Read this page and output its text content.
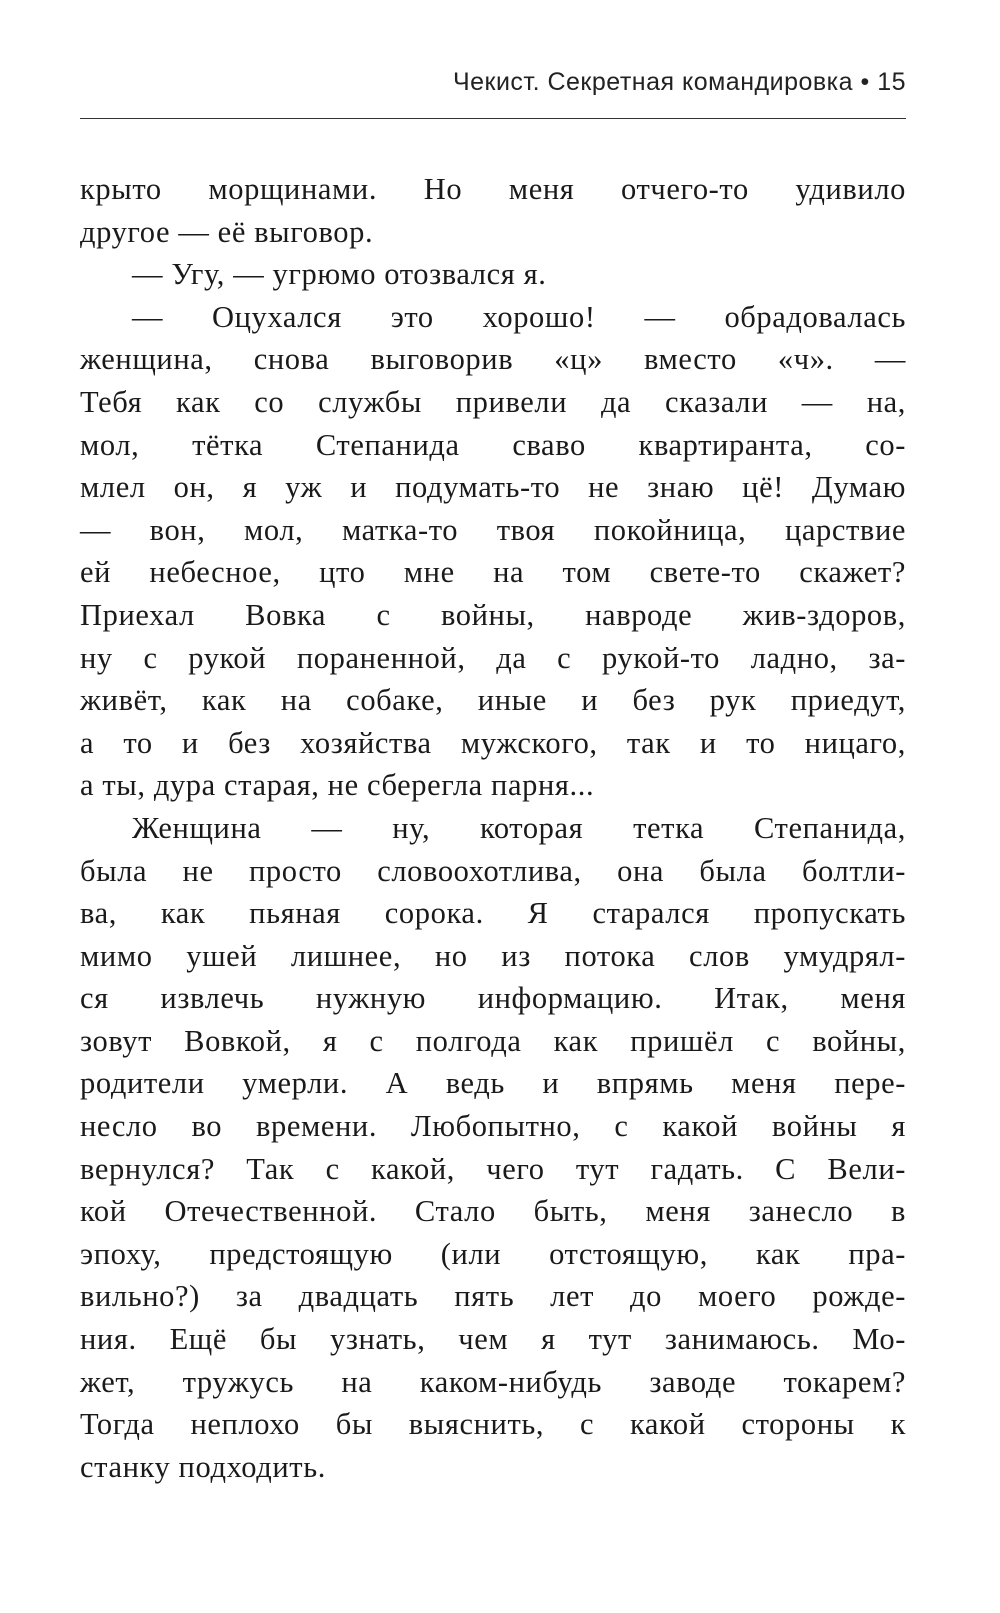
Чекист. Секретная командировка • 15
крыто морщинами. Но меня отчего-то удивило
другое — её выговор.
— Угу, — угрюмо отозвался я.
— Оцухался это хорошо! — обрадовалась
женщина, снова выговорив «ц» вместо «ч». —
Тебя как со службы привели да сказали — на,
мол, тётка Степанида сваво квартиранта, со-
млел он, я уж и подумать-то не знаю цё! Думаю
— вон, мол, матка-то твоя покойница, царствие
ей небесное, цто мне на том свете-то скажет?
Приехал Вовка с войны, навроде жив-здоров,
ну с рукой пораненной, да с рукой-то ладно, за-
живёт, как на собаке, иные и без рук приедут,
а то и без хозяйства мужского, так и то ницаго,
а ты, дура старая, не сберегла парня...
Женщина — ну, которая тетка Степанида,
была не просто словоохотлива, она была болтли-
ва, как пьяная сорока. Я старался пропускать
мимо ушей лишнее, но из потока слов умудрял-
ся извлечь нужную информацию. Итак, меня
зовут Вовкой, я с полгода как пришёл с войны,
родители умерли. А ведь и впрямь меня пере-
несло во времени. Любопытно, с какой войны я
вернулся? Так с какой, чего тут гадать. С Вели-
кой Отечественной. Стало быть, меня занесло в
эпоху, предстоящую (или отстоящую, как пра-
вильно?) за двадцать пять лет до моего рожде-
ния. Ещё бы узнать, чем я тут занимаюсь. Мо-
жет, тружусь на каком-нибудь заводе токарем?
Тогда неплохо бы выяснить, с какой стороны к
станку подходить.
